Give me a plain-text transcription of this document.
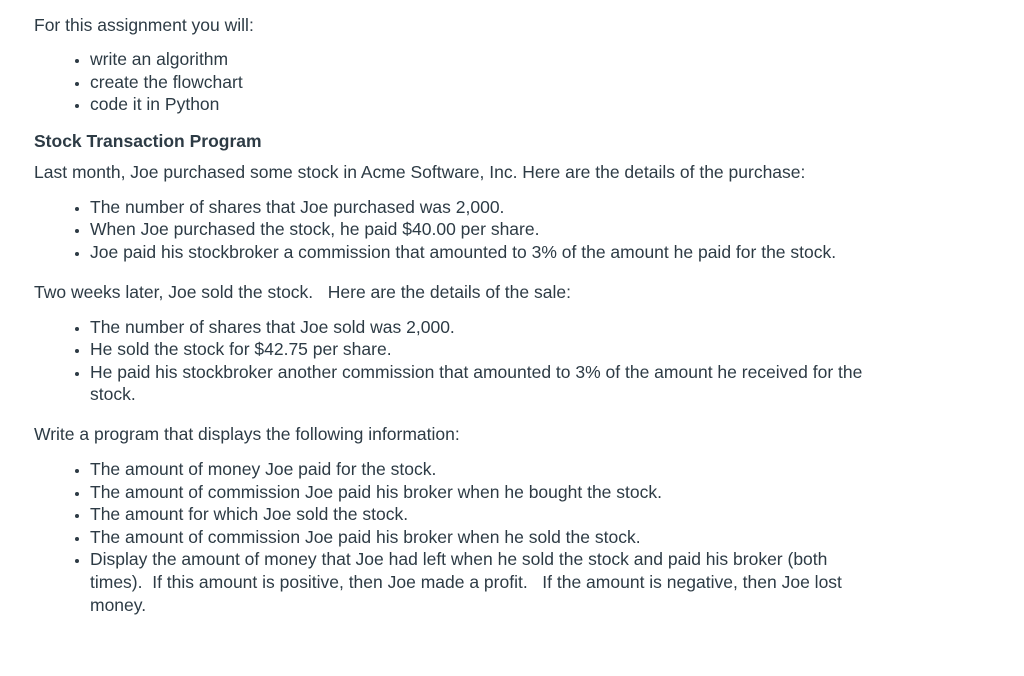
For this assignment you will:

• write an algorithm
• create the flowchart
• code it in Python

Stock Transaction Program

Last month, Joe purchased some stock in Acme Software, Inc. Here are the details of the purchase:

• The number of shares that Joe purchased was 2,000.
• When Joe purchased the stock, he paid $40.00 per share.
• Joe paid his stockbroker a commission that amounted to 3% of the amount he paid for the stock.

Two weeks later, Joe sold the stock.   Here are the details of the sale:

• The number of shares that Joe sold was 2,000.
• He sold the stock for $42.75 per share.
• He paid his stockbroker another commission that amounted to 3% of the amount he received for the stock.

Write a program that displays the following information:

• The amount of money Joe paid for the stock.
• The amount of commission Joe paid his broker when he bought the stock.
• The amount for which Joe sold the stock.
• The amount of commission Joe paid his broker when he sold the stock.
• Display the amount of money that Joe had left when he sold the stock and paid his broker (both times).  If this amount is positive, then Joe made a profit.   If the amount is negative, then Joe lost money.
